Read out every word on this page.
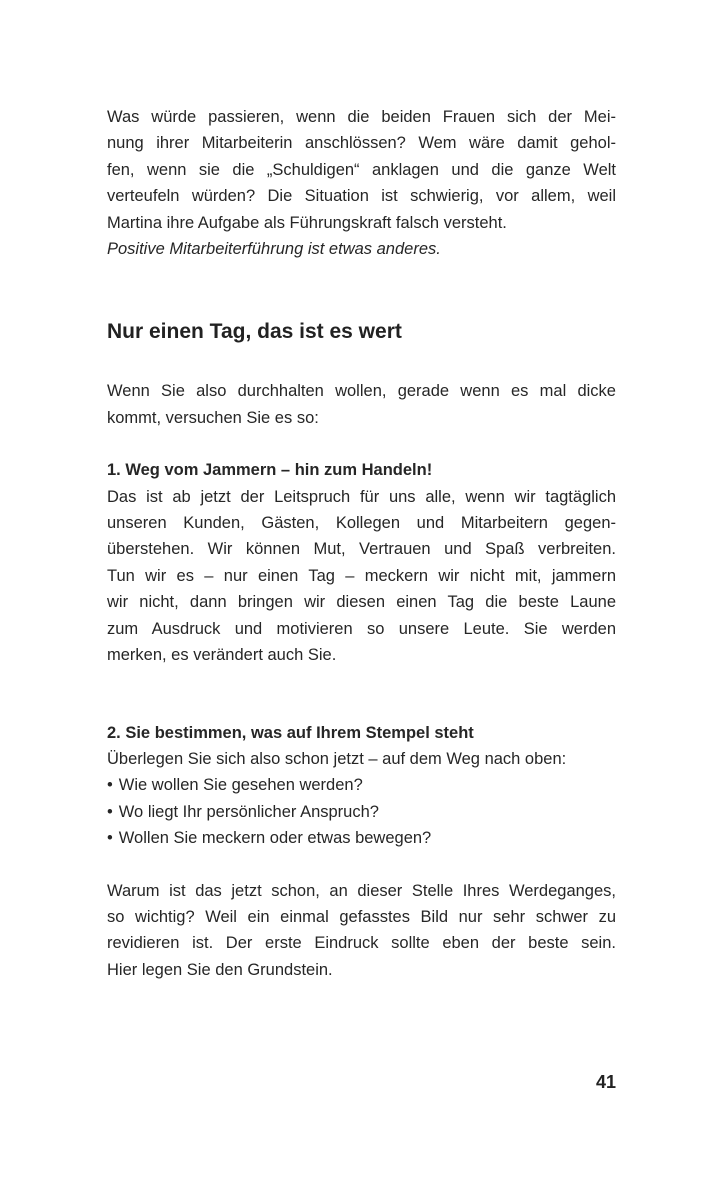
Was würde passieren, wenn die beiden Frauen sich der Mei-
nung ihrer Mitarbeiterin anschlössen? Wem wäre damit gehol-
fen, wenn sie die „Schuldigen“ anklagen und die ganze Welt
verteufeln würden? Die Situation ist schwierig, vor allem, weil
Martina ihre Aufgabe als Führungskraft falsch versteht.
Positive Mitarbeiterführung ist etwas anderes.

Nur einen Tag, das ist es wert

Wenn Sie also durchhalten wollen, gerade wenn es mal dicke
kommt, versuchen Sie es so:

1. Weg vom Jammern – hin zum Handeln!

Das ist ab jetzt der Leitspruch für uns alle, wenn wir tagtäglich
unseren Kunden, Gästen, Kollegen und Mitarbeitern gegen-
überstehen. Wir können Mut, Vertrauen und Spaß verbreiten.
Tun wir es – nur einen Tag – meckern wir nicht mit, jammern
wir nicht, dann bringen wir diesen einen Tag die beste Laune
zum Ausdruck und motivieren so unsere Leute. Sie werden
merken, es verändert auch Sie.

2. Sie bestimmen, was auf Ihrem Stempel steht

Überlegen Sie sich also schon jetzt – auf dem Weg nach oben:

• Wie wollen Sie gesehen werden?
• Wo liegt Ihr persönlicher Anspruch?
• Wollen Sie meckern oder etwas bewegen?

Warum ist das jetzt schon, an dieser Stelle Ihres Werdeganges,
so wichtig? Weil ein einmal gefasstes Bild nur sehr schwer zu
revidieren ist. Der erste Eindruck sollte eben der beste sein.
Hier legen Sie den Grundstein.

41
